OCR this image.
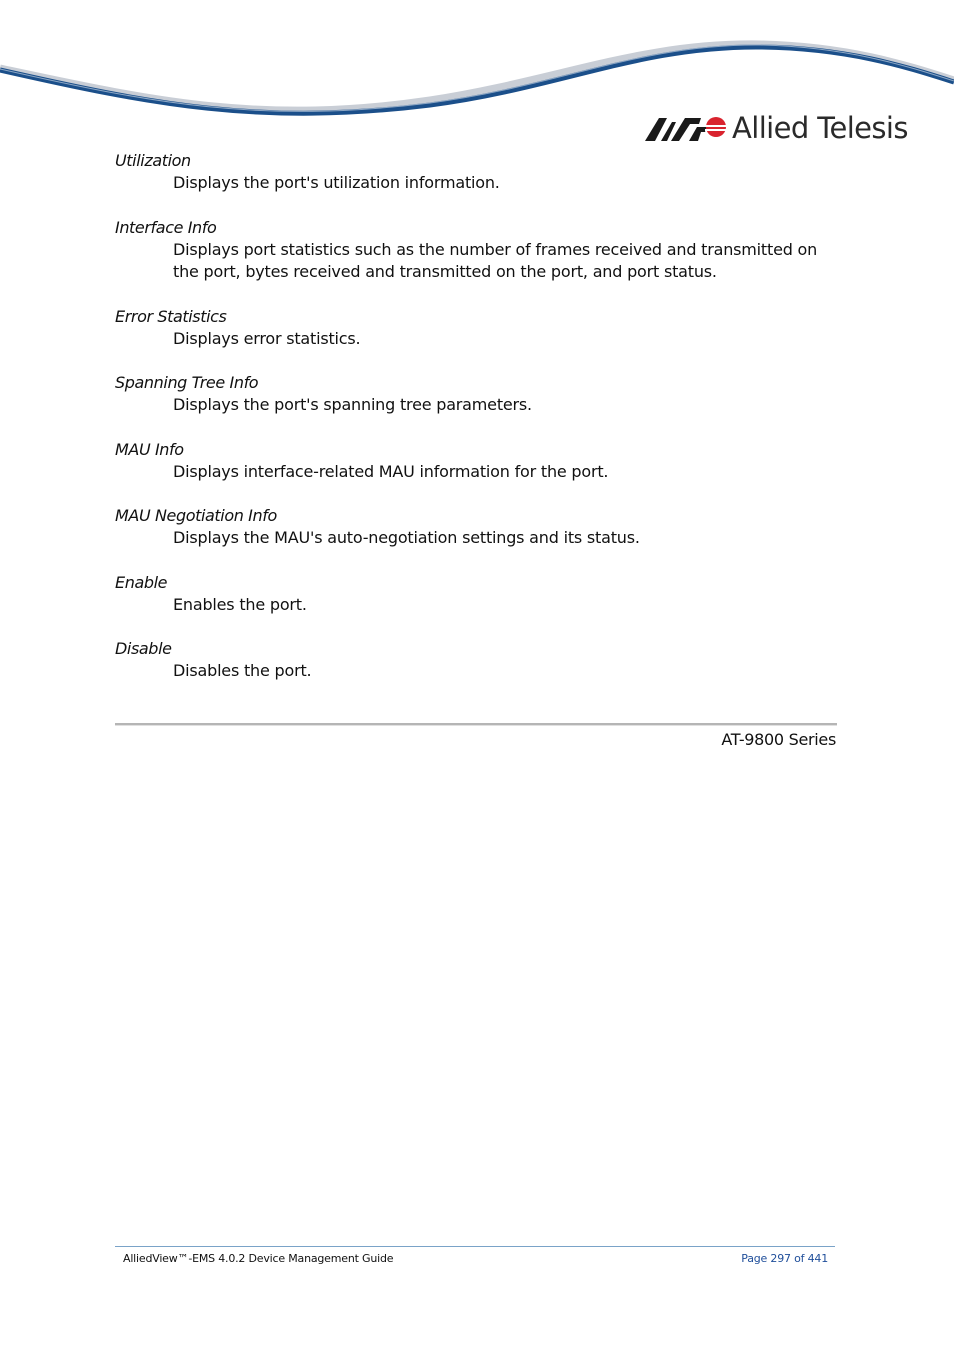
Allied Telesis
Utilization
Displays the port's utilization information.
Interface Info
Displays port statistics such as the number of frames received and transmitted on
the port, bytes received and transmitted on the port, and port status.
Error Statistics
Displays error statistics.
Spanning Tree Info
Displays the port's spanning tree parameters.
MAU Info
Displays interface-related MAU information for the port.
MAU Negotiation Info
Displays the MAU's auto-negotiation settings and its status.
Enable
Enables the port.
Disable
Disables the port.
AT-9800 Series
AlliedView™-EMS 4.0.2 Device Management Guide	Page 297 of 441
